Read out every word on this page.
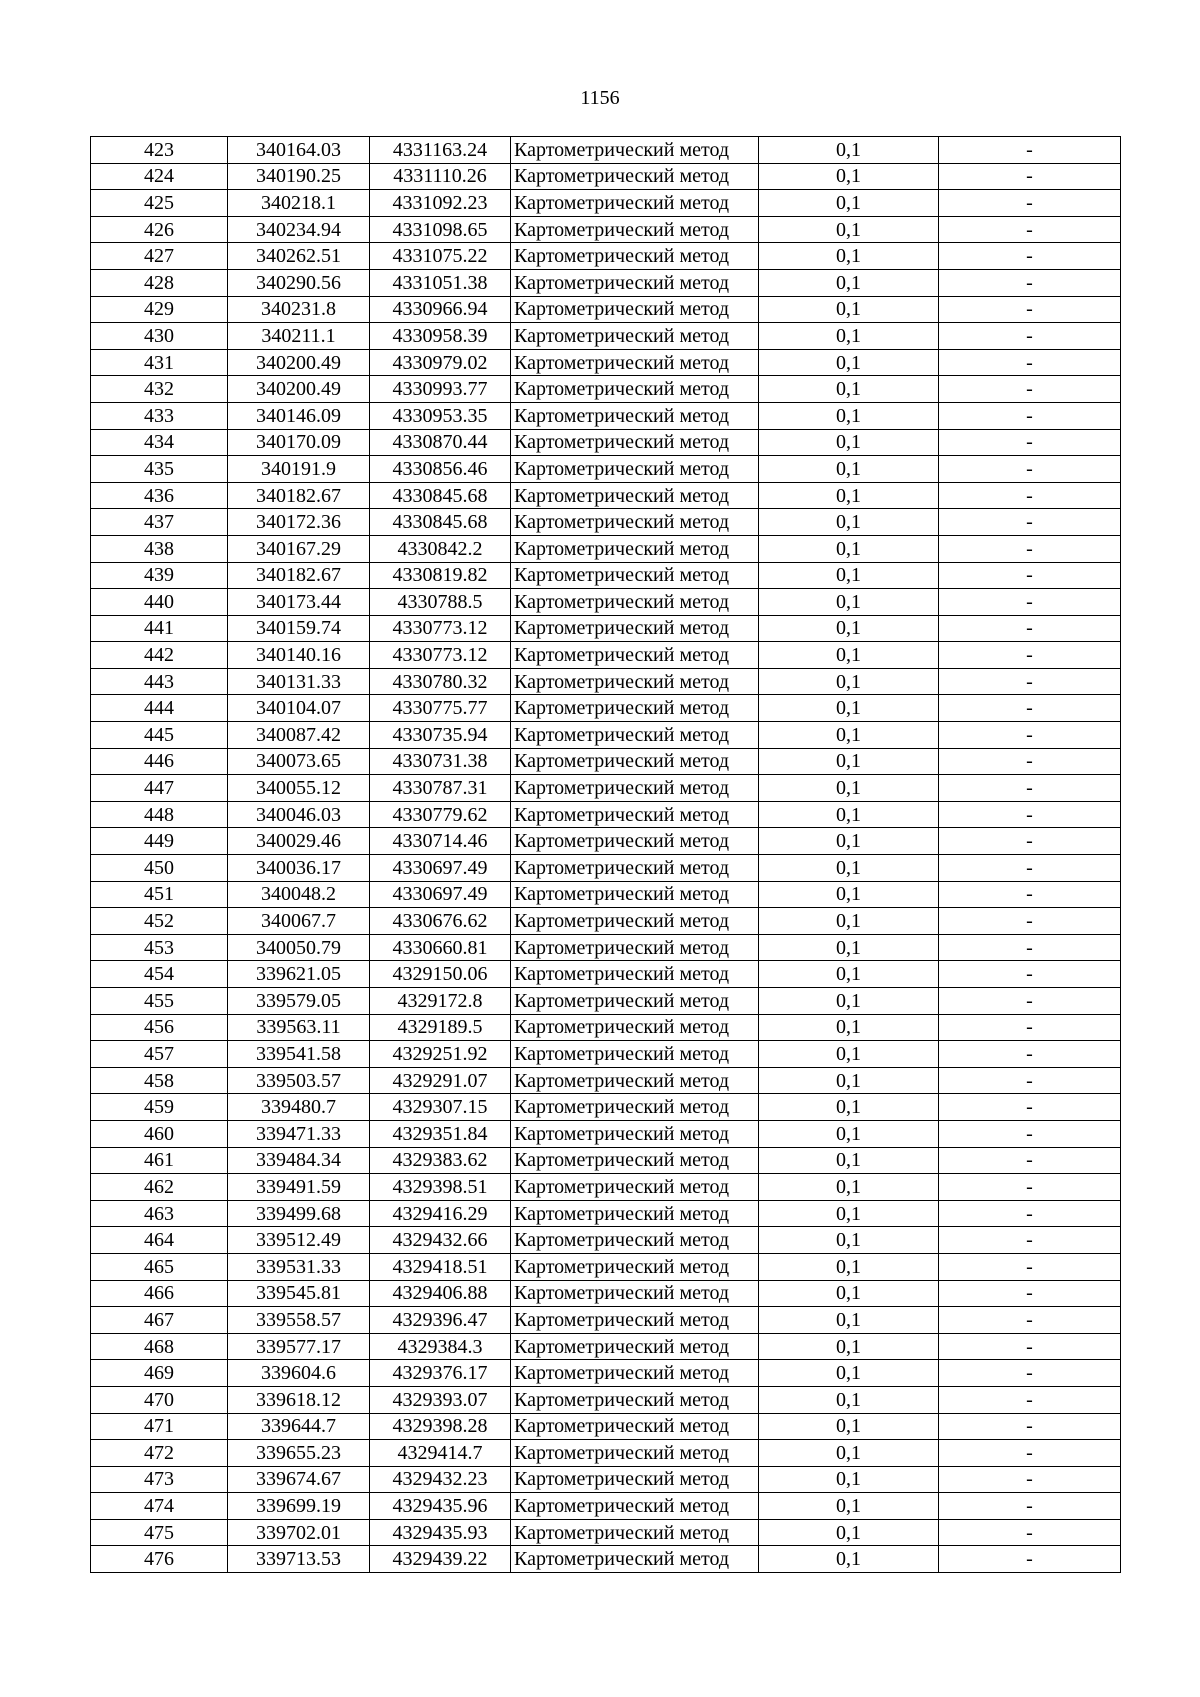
1156
423	340164.03	4331163.24	Картометрический метод	0,1	-
424	340190.25	4331110.26	Картометрический метод	0,1	-
425	340218.1	4331092.23	Картометрический метод	0,1	-
426	340234.94	4331098.65	Картометрический метод	0,1	-
427	340262.51	4331075.22	Картометрический метод	0,1	-
428	340290.56	4331051.38	Картометрический метод	0,1	-
429	340231.8	4330966.94	Картометрический метод	0,1	-
430	340211.1	4330958.39	Картометрический метод	0,1	-
431	340200.49	4330979.02	Картометрический метод	0,1	-
432	340200.49	4330993.77	Картометрический метод	0,1	-
433	340146.09	4330953.35	Картометрический метод	0,1	-
434	340170.09	4330870.44	Картометрический метод	0,1	-
435	340191.9	4330856.46	Картометрический метод	0,1	-
436	340182.67	4330845.68	Картометрический метод	0,1	-
437	340172.36	4330845.68	Картометрический метод	0,1	-
438	340167.29	4330842.2	Картометрический метод	0,1	-
439	340182.67	4330819.82	Картометрический метод	0,1	-
440	340173.44	4330788.5	Картометрический метод	0,1	-
441	340159.74	4330773.12	Картометрический метод	0,1	-
442	340140.16	4330773.12	Картометрический метод	0,1	-
443	340131.33	4330780.32	Картометрический метод	0,1	-
444	340104.07	4330775.77	Картометрический метод	0,1	-
445	340087.42	4330735.94	Картометрический метод	0,1	-
446	340073.65	4330731.38	Картометрический метод	0,1	-
447	340055.12	4330787.31	Картометрический метод	0,1	-
448	340046.03	4330779.62	Картометрический метод	0,1	-
449	340029.46	4330714.46	Картометрический метод	0,1	-
450	340036.17	4330697.49	Картометрический метод	0,1	-
451	340048.2	4330697.49	Картометрический метод	0,1	-
452	340067.7	4330676.62	Картометрический метод	0,1	-
453	340050.79	4330660.81	Картометрический метод	0,1	-
454	339621.05	4329150.06	Картометрический метод	0,1	-
455	339579.05	4329172.8	Картометрический метод	0,1	-
456	339563.11	4329189.5	Картометрический метод	0,1	-
457	339541.58	4329251.92	Картометрический метод	0,1	-
458	339503.57	4329291.07	Картометрический метод	0,1	-
459	339480.7	4329307.15	Картометрический метод	0,1	-
460	339471.33	4329351.84	Картометрический метод	0,1	-
461	339484.34	4329383.62	Картометрический метод	0,1	-
462	339491.59	4329398.51	Картометрический метод	0,1	-
463	339499.68	4329416.29	Картометрический метод	0,1	-
464	339512.49	4329432.66	Картометрический метод	0,1	-
465	339531.33	4329418.51	Картометрический метод	0,1	-
466	339545.81	4329406.88	Картометрический метод	0,1	-
467	339558.57	4329396.47	Картометрический метод	0,1	-
468	339577.17	4329384.3	Картометрический метод	0,1	-
469	339604.6	4329376.17	Картометрический метод	0,1	-
470	339618.12	4329393.07	Картометрический метод	0,1	-
471	339644.7	4329398.28	Картометрический метод	0,1	-
472	339655.23	4329414.7	Картометрический метод	0,1	-
473	339674.67	4329432.23	Картометрический метод	0,1	-
474	339699.19	4329435.96	Картометрический метод	0,1	-
475	339702.01	4329435.93	Картометрический метод	0,1	-
476	339713.53	4329439.22	Картометрический метод	0,1	-
